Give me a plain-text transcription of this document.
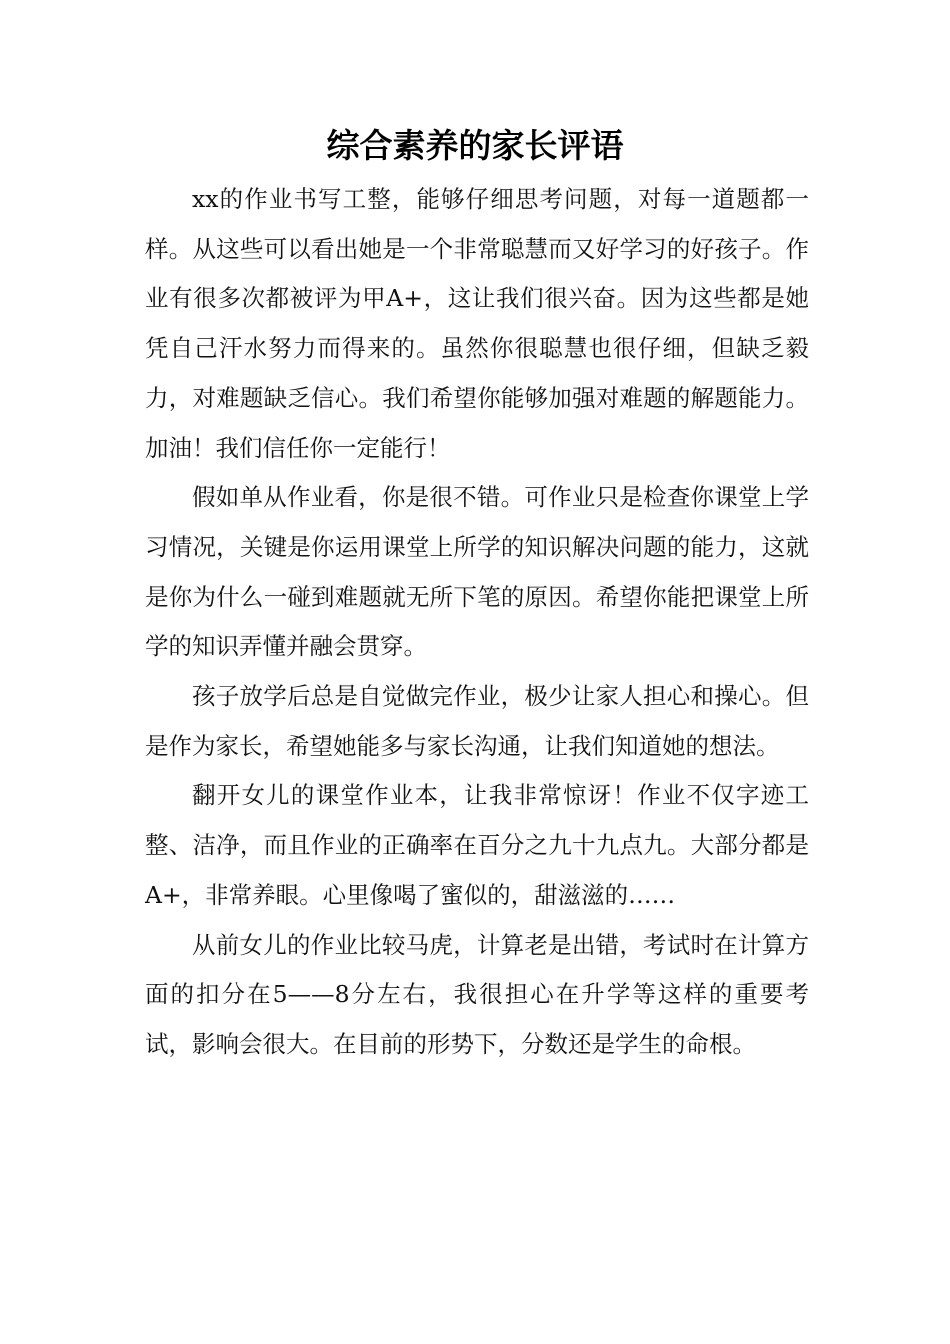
综合素养的家长评语

xx的作业书写工整，能够仔细思考问题，对每一道题都一样。从这些可以看出她是一个非常聪慧而又好学习的好孩子。作业有很多次都被评为甲A+，这让我们很兴奋。因为这些都是她凭自己汗水努力而得来的。虽然你很聪慧也很仔细，但缺乏毅力，对难题缺乏信心。我们希望你能够加强对难题的解题能力。加油！我们信任你一定能行！

假如单从作业看，你是很不错。可作业只是检查你课堂上学习情况，关键是你运用课堂上所学的知识解决问题的能力，这就是你为什么一碰到难题就无所下笔的原因。希望你能把课堂上所学的知识弄懂并融会贯穿。

孩子放学后总是自觉做完作业，极少让家人担心和操心。但是作为家长，希望她能多与家长沟通，让我们知道她的想法。

翻开女儿的课堂作业本，让我非常惊讶！作业不仅字迹工整、洁净，而且作业的正确率在百分之九十九点九。大部分都是A+，非常养眼。心里像喝了蜜似的，甜滋滋的……

从前女儿的作业比较马虎，计算老是出错，考试时在计算方面的扣分在5——8分左右，我很担心在升学等这样的重要考试，影响会很大。在目前的形势下，分数还是学生的命根。
